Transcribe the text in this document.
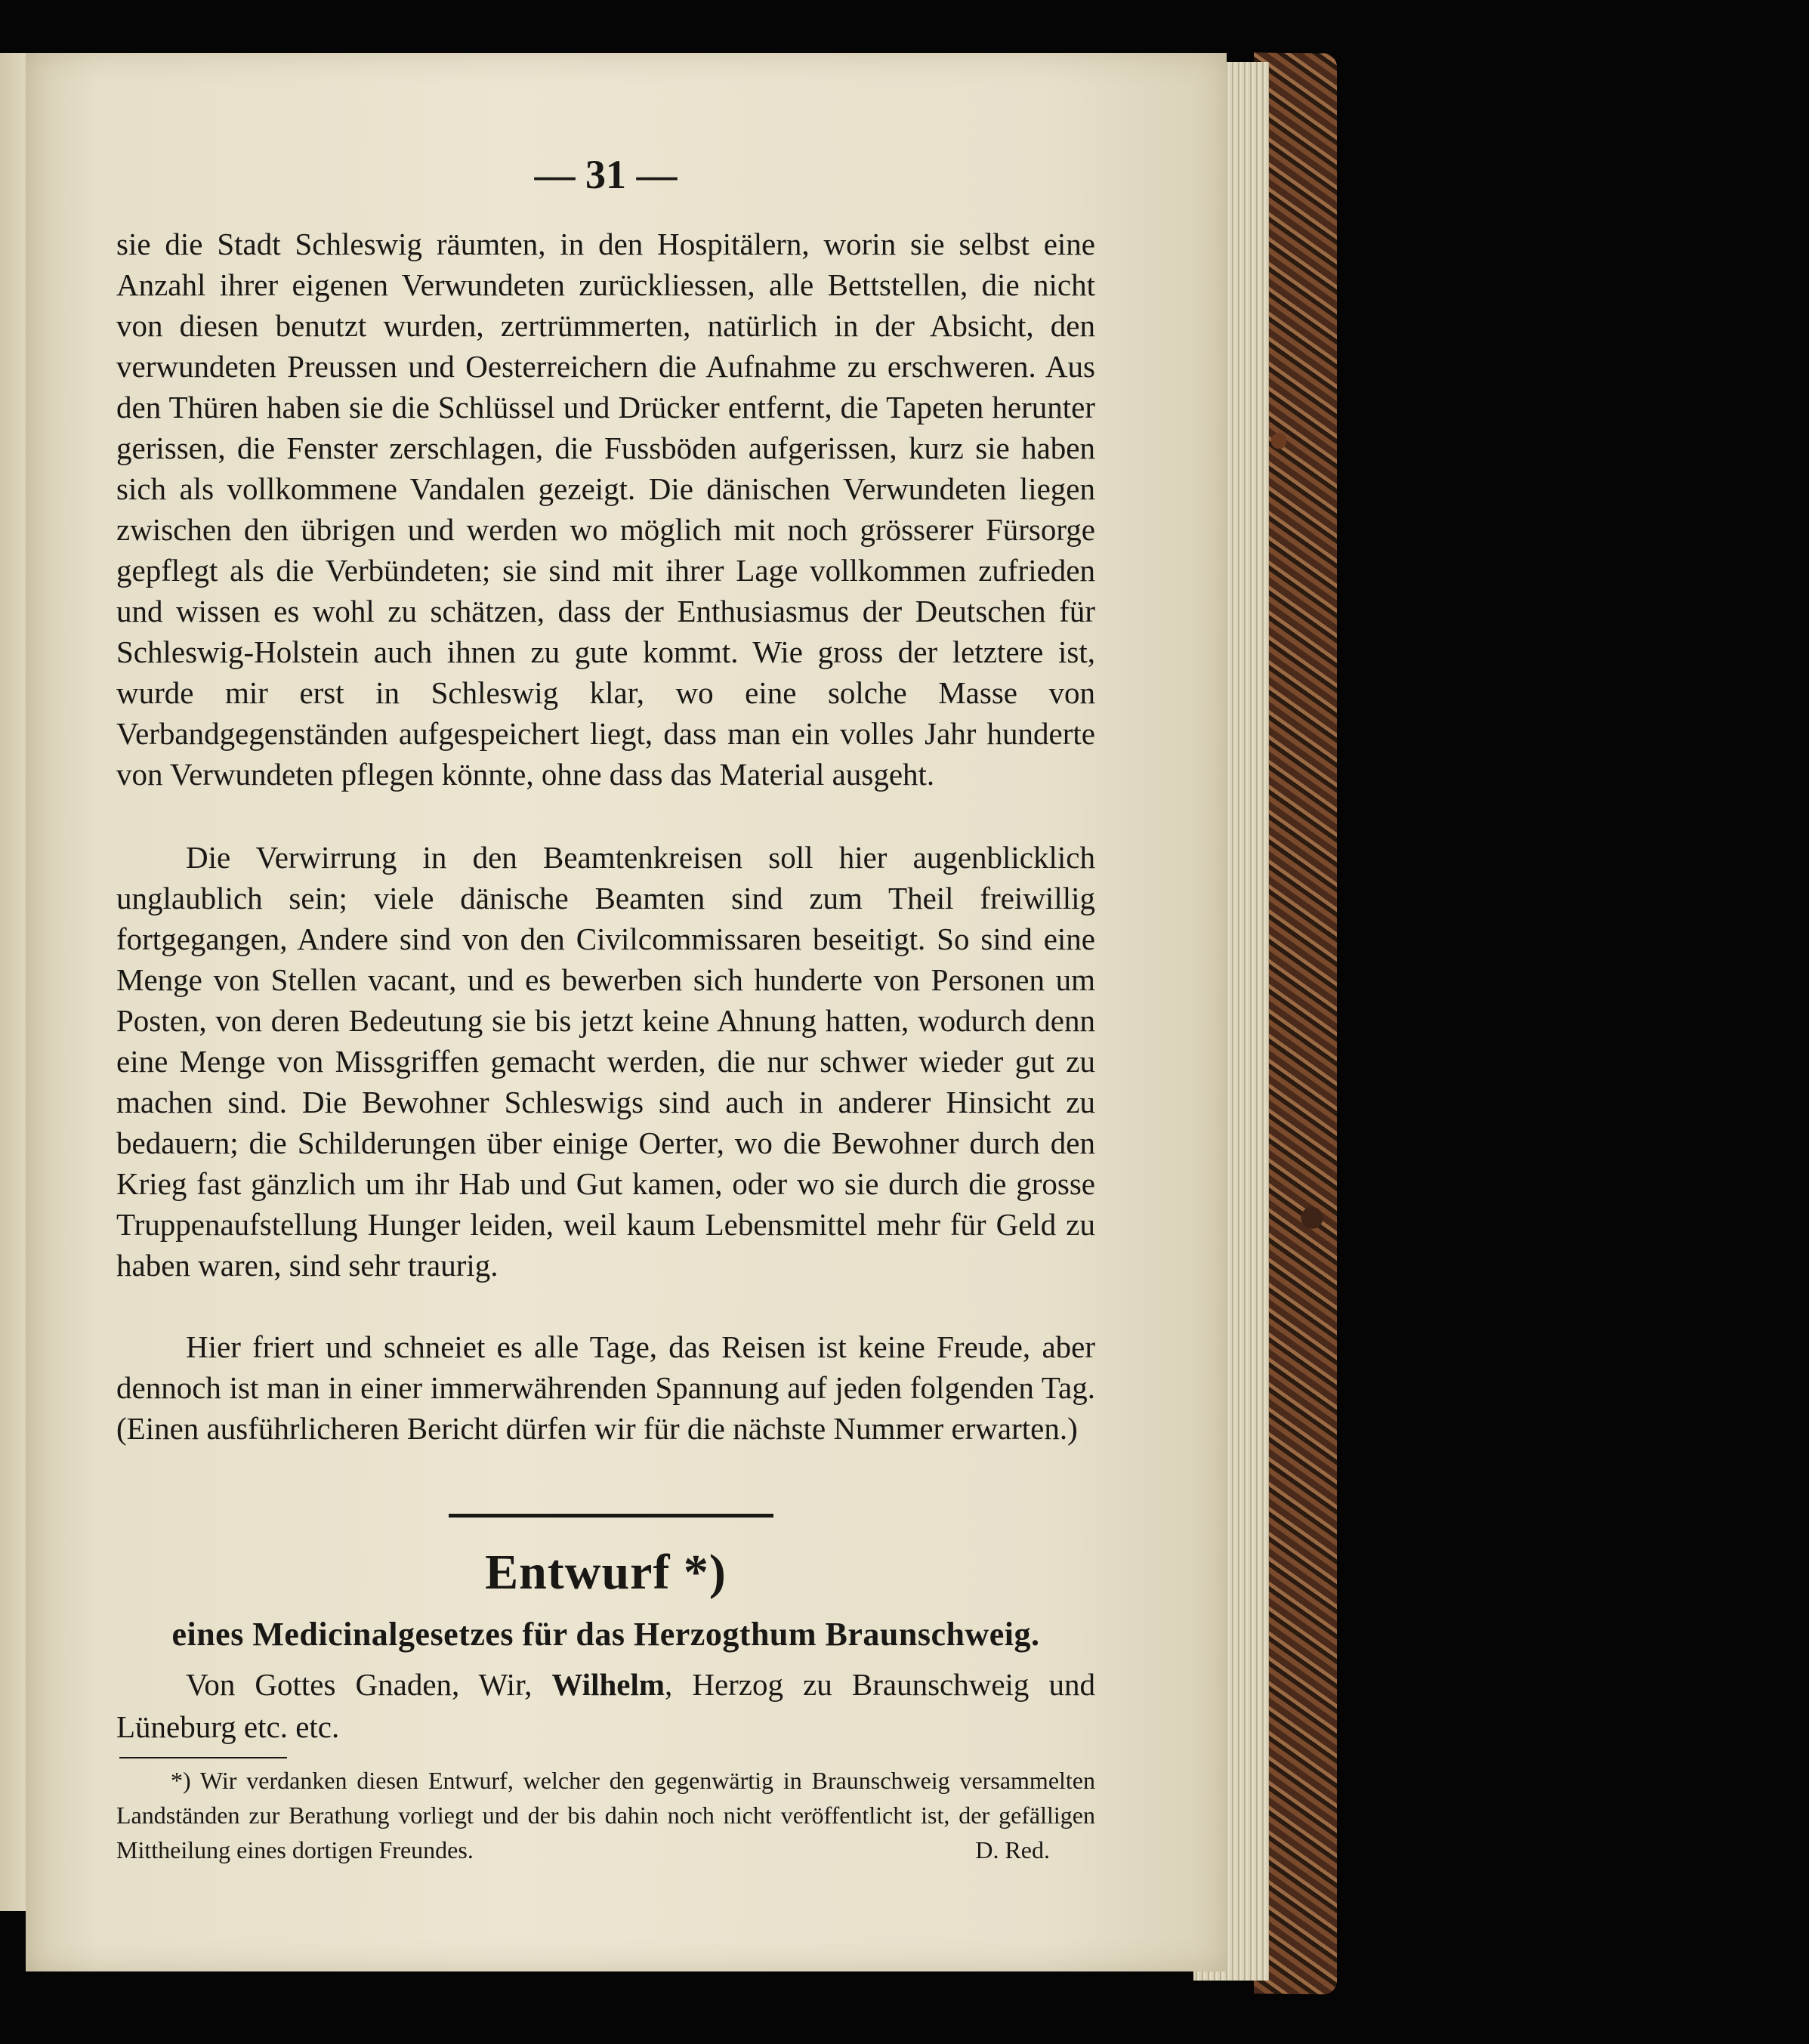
— 31 —
sie die Stadt Schleswig räumten, in den Hospitälern, worin sie selbst eine Anzahl ihrer eigenen Verwundeten zurückliessen, alle Bettstellen, die nicht von diesen benutzt wurden, zertrümmerten, natürlich in der Absicht, den verwundeten Preussen und Oesterreichern die Aufnahme zu erschweren. Aus den Thüren haben sie die Schlüssel und Drücker entfernt, die Tapeten herunter gerissen, die Fenster zerschlagen, die Fussböden aufgerissen, kurz sie haben sich als vollkommene Vandalen gezeigt. Die dänischen Verwundeten liegen zwischen den übrigen und werden wo möglich mit noch grösserer Fürsorge gepflegt als die Verbündeten; sie sind mit ihrer Lage vollkommen zufrieden und wissen es wohl zu schätzen, dass der Enthusiasmus der Deutschen für Schleswig-Holstein auch ihnen zu gute kommt. Wie gross der letztere ist, wurde mir erst in Schleswig klar, wo eine solche Masse von Verbandgegenständen aufgespeichert liegt, dass man ein volles Jahr hunderte von Verwundeten pflegen könnte, ohne dass das Material ausgeht.
Die Verwirrung in den Beamtenkreisen soll hier augenblicklich unglaublich sein; viele dänische Beamten sind zum Theil freiwillig fortgegangen, Andere sind von den Civilcommissaren beseitigt. So sind eine Menge von Stellen vacant, und es bewerben sich hunderte von Personen um Posten, von deren Bedeutung sie bis jetzt keine Ahnung hatten, wodurch denn eine Menge von Missgriffen gemacht werden, die nur schwer wieder gut zu machen sind. Die Bewohner Schleswigs sind auch in anderer Hinsicht zu bedauern; die Schilderungen über einige Oerter, wo die Bewohner durch den Krieg fast gänzlich um ihr Hab und Gut kamen, oder wo sie durch die grosse Truppenaufstellung Hunger leiden, weil kaum Lebensmittel mehr für Geld zu haben waren, sind sehr traurig.
Hier friert und schneiet es alle Tage, das Reisen ist keine Freude, aber dennoch ist man in einer immerwährenden Spannung auf jeden folgenden Tag. (Einen ausführlicheren Bericht dürfen wir für die nächste Nummer erwarten.)
Entwurf *)
eines Medicinalgesetzes für das Herzogthum Braunschweig.
Von Gottes Gnaden, Wir, Wilhelm, Herzog zu Braunschweig und Lüneburg etc. etc.
*) Wir verdanken diesen Entwurf, welcher den gegenwärtig in Braunschweig versammelten Landständen zur Berathung vorliegt und der bis dahin noch nicht veröffentlicht ist, der gefälligen Mittheilung eines dortigen Freundes.	D. Red.
